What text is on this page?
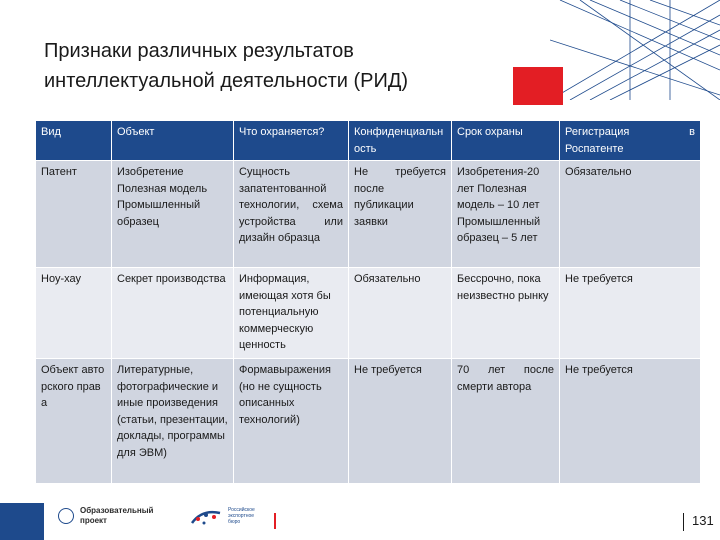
Признаки различных результатов
интеллектуальной деятельности (РИД)
Вид	Объект	Что охраняется?	Конфиденциальность	Срок охраны	Регистрация в Роспатенте
Патент	Изобретение Полезная модель Промышленный образец	Сущность запатентованной технологии, схема устройства или дизайн образца	Не требуется после публикации заявки	Изобретения-20 лет Полезная модель – 10 лет Промышленный образец – 5 лет	Обязательно
Ноу-хау	Секрет производства	Информация, имеющая хотя бы потенциальную коммерческую ценность	Обязательно	Бессрочно, пока неизвестно рынку	Не требуется
Объект авторского права	Литературные, фотографические и иные произведения (статьи, презентации, доклады, программы для ЭВМ)	Формавыражения (но не сущность описанных технологий)	Не требуется	70 лет после смерти автора	Не требуется
Образовательный
проект
Российское
экспортное
бюро	131
